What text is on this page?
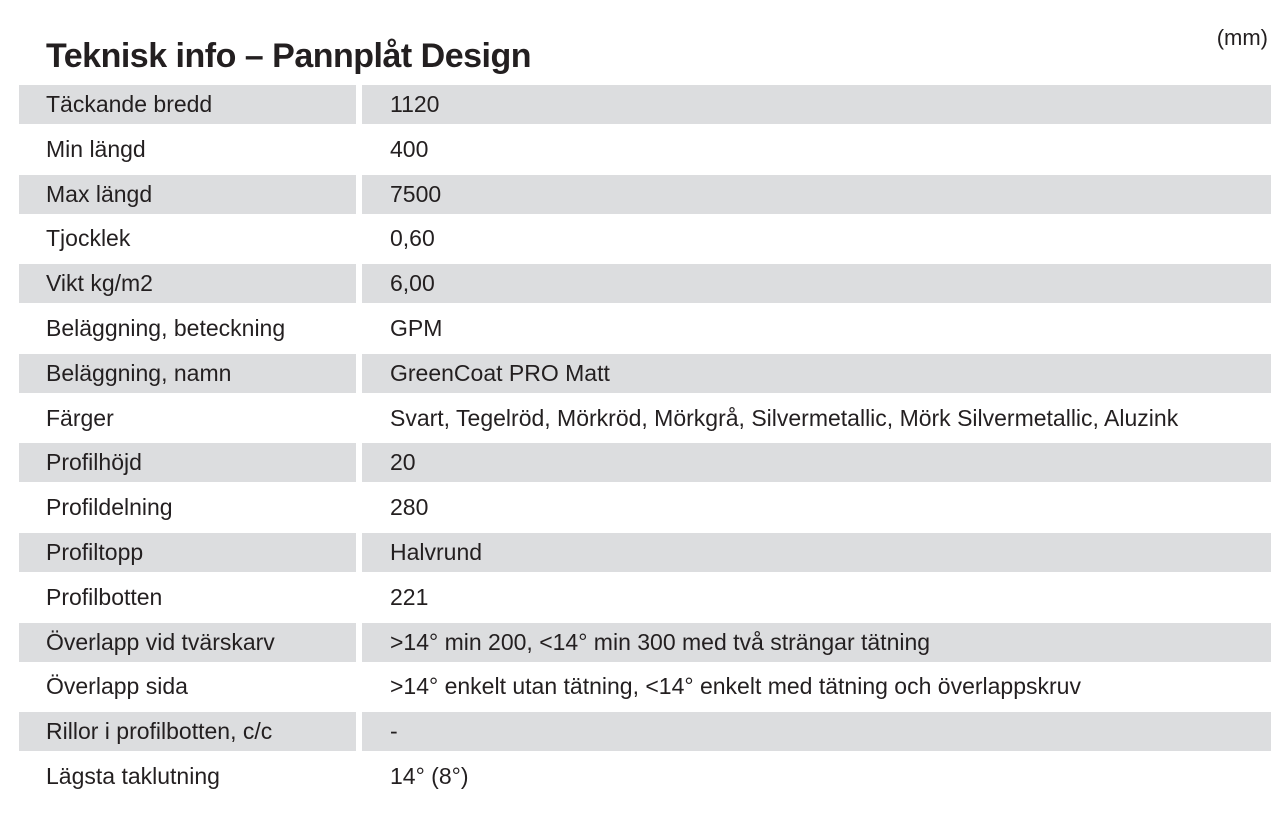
Teknisk info – Pannplåt Design	(mm)
Täckande bredd	1120
Min längd	400
Max längd	7500
Tjocklek	0,60
Vikt kg/m2	6,00
Beläggning, beteckning	GPM
Beläggning, namn	GreenCoat PRO Matt
Färger	Svart, Tegelröd, Mörkröd, Mörkgrå, Silvermetallic, Mörk Silvermetallic, Aluzink
Profilhöjd	20
Profildelning	280
Profiltopp	Halvrund
Profilbotten	221
Överlapp vid tvärskarv	>14° min 200, <14° min 300 med två strängar tätning
Överlapp sida	>14° enkelt utan tätning, <14° enkelt med tätning och överlappskruv
Rillor i profilbotten, c/c	-
Lägsta taklutning	14° (8°)
